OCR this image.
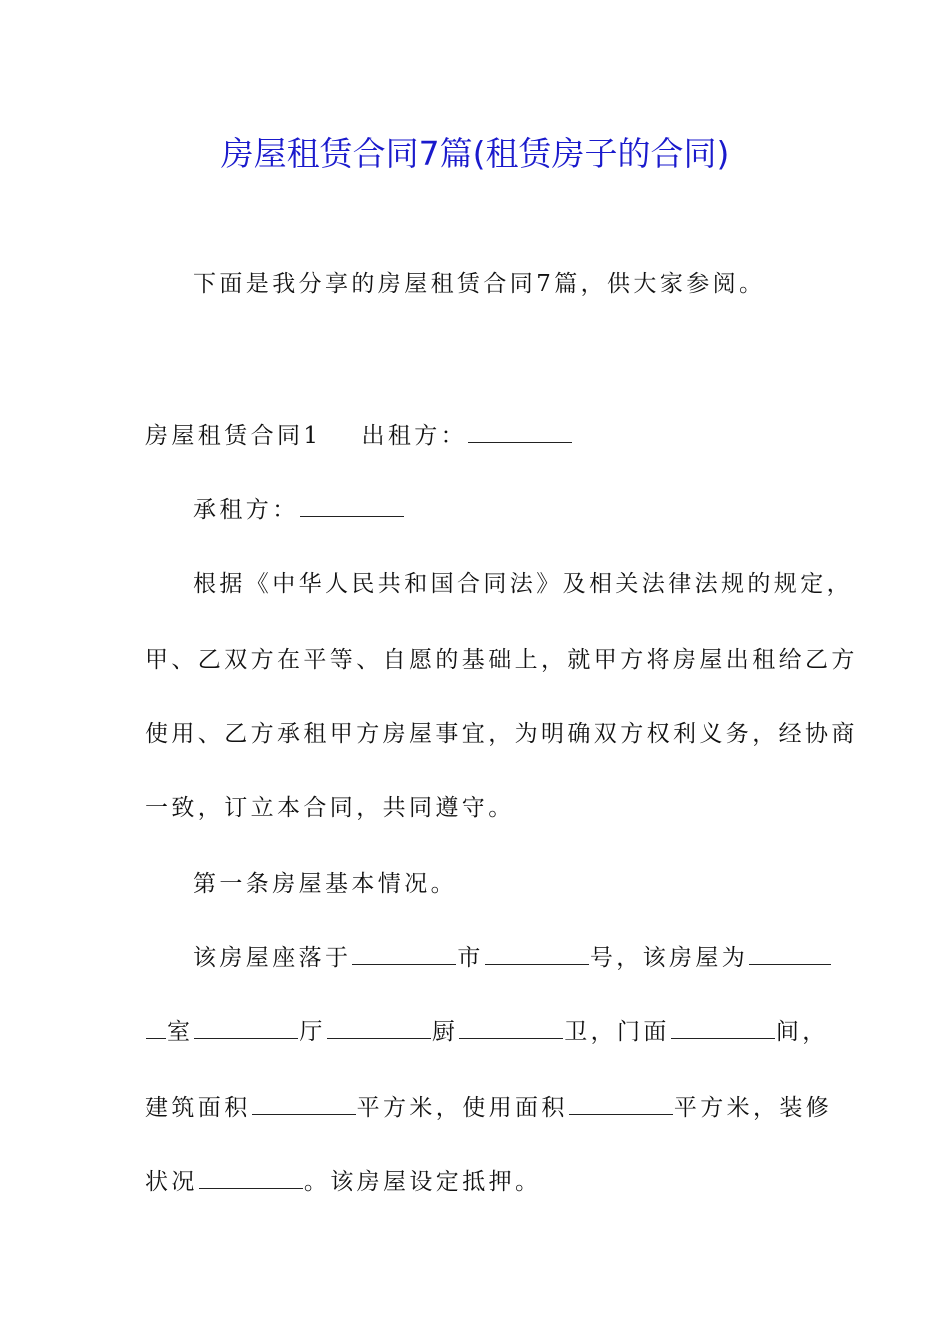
房屋租赁合同7篇(租赁房子的合同)
下面是我分享的房屋租赁合同7篇，供大家参阅。
房屋租赁合同1 出租方：
承租方：
根据《中华人民共和国合同法》及相关法律法规的规定，
甲、乙双方在平等、自愿的基础上，就甲方将房屋出租给乙方
使用、乙方承租甲方房屋事宜，为明确双方权利义务，经协商
一致，订立本合同，共同遵守。
第一条房屋基本情况。
该房屋座落于	市	号，该房屋为
室	厅	厨	卫，门面	间，
建筑面积	平方米，使用面积	平方米，装修
状况	。该房屋设定抵押。
